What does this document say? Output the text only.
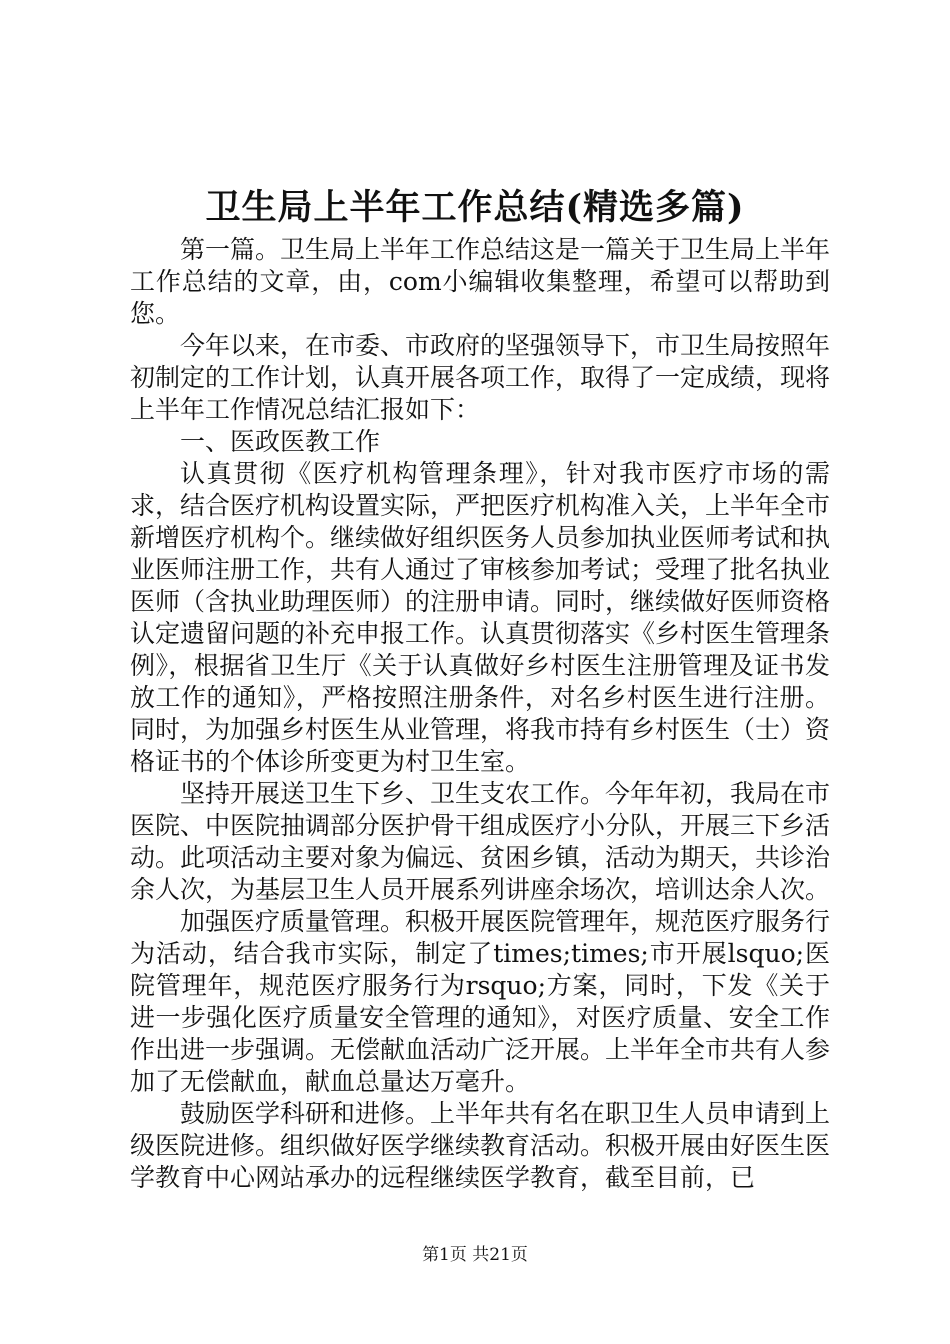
卫生局上半年工作总结(精选多篇)

第一篇。卫生局上半年工作总结这是一篇关于卫生局上半年工作总结的文章，由，com小编辑收集整理，希望可以帮助到您。

今年以来，在市委、市政府的坚强领导下，市卫生局按照年初制定的工作计划，认真开展各项工作，取得了一定成绩，现将上半年工作情况总结汇报如下：

一、医政医教工作

认真贯彻《医疗机构管理条理》，针对我市医疗市场的需求，结合医疗机构设置实际，严把医疗机构准入关，上半年全市新增医疗机构个。继续做好组织医务人员参加执业医师考试和执业医师注册工作，共有人通过了审核参加考试；受理了批名执业医师（含执业助理医师）的注册申请。同时，继续做好医师资格认定遗留问题的补充申报工作。认真贯彻落实《乡村医生管理条例》，根据省卫生厅《关于认真做好乡村医生注册管理及证书发放工作的通知》，严格按照注册条件，对名乡村医生进行注册。同时，为加强乡村医生从业管理，将我市持有乡村医生（士）资格证书的个体诊所变更为村卫生室。

坚持开展送卫生下乡、卫生支农工作。今年年初，我局在市医院、中医院抽调部分医护骨干组成医疗小分队，开展三下乡活动。此项活动主要对象为偏远、贫困乡镇，活动为期天，共诊治余人次，为基层卫生人员开展系列讲座余场次，培训达余人次。

加强医疗质量管理。积极开展医院管理年，规范医疗服务行为活动，结合我市实际，制定了times;times;市开展lsquo;医院管理年，规范医疗服务行为rsquo;方案，同时，下发《关于进一步强化医疗质量安全管理的通知》，对医疗质量、安全工作作出进一步强调。无偿献血活动广泛开展。上半年全市共有人参加了无偿献血，献血总量达万毫升。

鼓励医学科研和进修。上半年共有名在职卫生人员申请到上级医院进修。组织做好医学继续教育活动。积极开展由好医生医学教育中心网站承办的远程继续医学教育，截至目前，已

第1页 共21页
